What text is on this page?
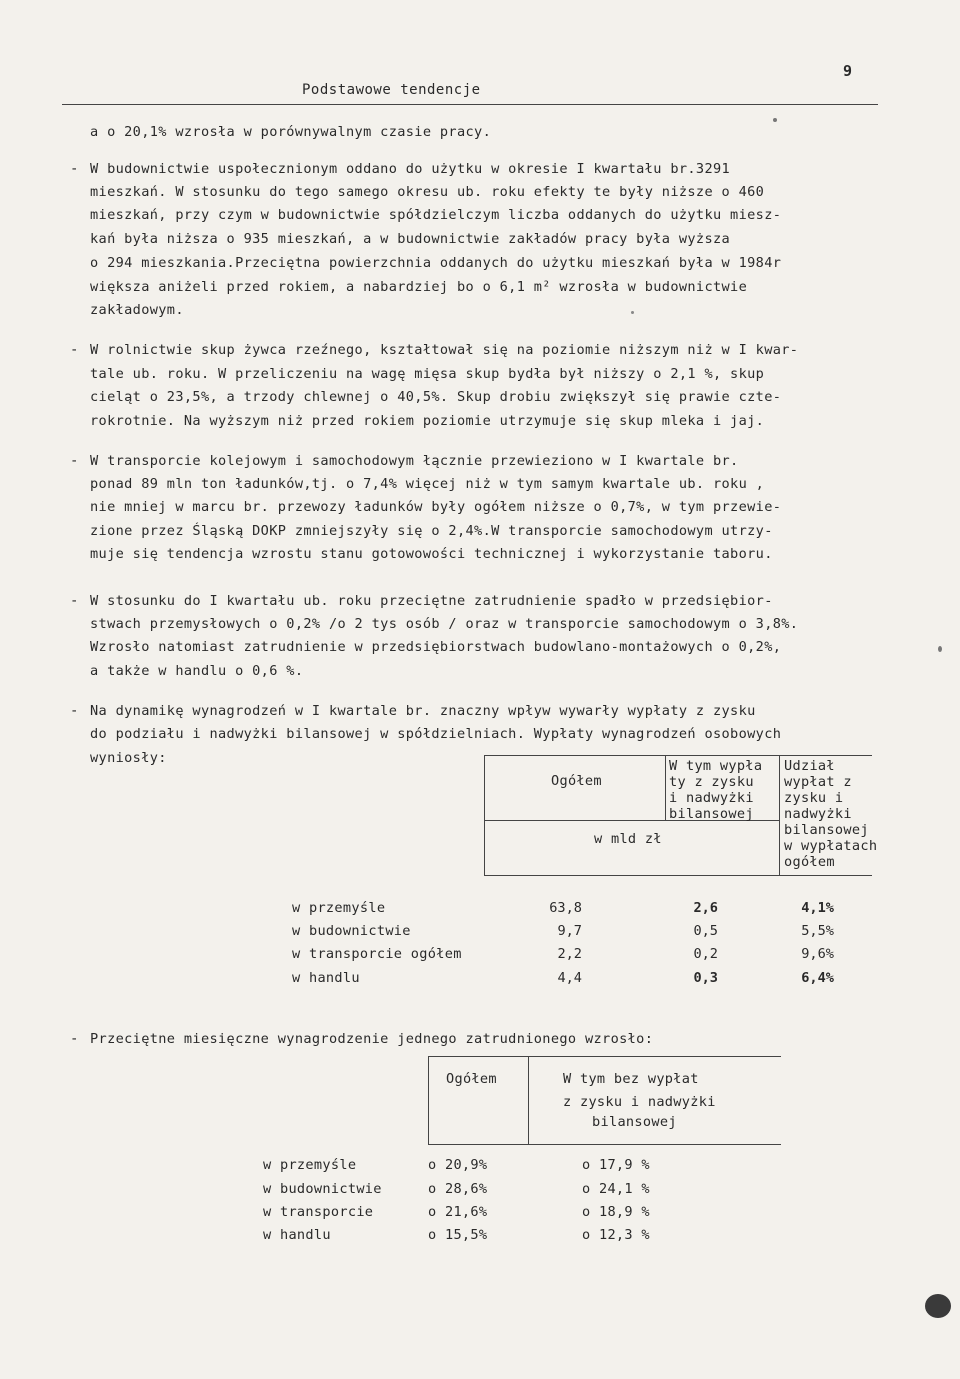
Podstawowe tendencje
9
a o 20,1% wzrosła w porównywalnym czasie pracy.
- W budownictwie uspołecznionym oddano do użytku w okresie I kwartału br.3291
mieszkań. W stosunku do tego samego okresu ub. roku efekty te były niższe o 460
mieszkań, przy czym w budownictwie spółdzielczym liczba oddanych do użytku miesz-
kań była niższa o 935 mieszkań, a w budownictwie zakładów pracy była wyższa
o 294 mieszkania.Przeciętna powierzchnia oddanych do użytku mieszkań była w 1984r
większa aniżeli przed rokiem, a nabardziej bo o 6,1 m² wzrosła w budownictwie
zakładowym.
- W rolnictwie skup żywca rzeźnego, kształtował się na poziomie niższym niż w I kwar-
tale ub. roku. W przeliczeniu na wagę mięsa skup bydła był niższy o 2,1 %, skup
cieląt o 23,5%, a trzody chlewnej o 40,5%. Skup drobiu zwiększył się prawie czte-
rokrotnie. Na wyższym niż przed rokiem poziomie utrzymuje się skup mleka i jaj.
- W transporcie kolejowym i samochodowym łącznie przewieziono w I kwartale br.
ponad 89 mln ton ładunków,tj. o 7,4% więcej niż w tym samym kwartale ub. roku ,
nie mniej w marcu br. przewozy ładunków były ogółem niższe o 0,7%, w tym przewie-
zione przez Śląską DOKP zmniejszyły się o 2,4%.W transporcie samochodowym utrzy-
muje się tendencja wzrostu stanu gotowowości technicznej i wykorzystanie taboru.
- W stosunku do I kwartału ub. roku przeciętne zatrudnienie spadło w przedsiębior-
stwach przemysłowych o 0,2% /o 2 tys osób / oraz w transporcie samochodowym o 3,8%.
Wzrosło natomiast zatrudnienie w przedsiębiorstwach budowlano-montażowych o 0,2%,
a także w handlu o 0,6 %.
- Na dynamikę wynagrodzeń w I kwartale br. znaczny wpływ wywarły wypłaty z zysku
do podziału i nadwyżki bilansowej w spółdzielniach. Wypłaty wynagrodzeń osobowych
wyniosły:
Ogółem
W tym wypła
ty z zysku
i nadwyżki
bilansowej
Udział
wypłat z
zysku i
nadwyżki
bilansowej
w wypłatach
ogółem
w mld zł
w przemyśle	63,8	2,6	4,1%
w budownictwie	9,7	0,5	5,5%
w transporcie ogółem	2,2	0,2	9,6%
w handlu	4,4	0,3	6,4%
- Przeciętne miesięczne wynagrodzenie jednego zatrudnionego wzrosło:
Ogółem	W tym bez wypłat
z zysku i nadwyżki
bilansowej
w przemyśle	o 20,9%	o 17,9 %
w budownictwie	o 28,6%	o 24,1 %
w transporcie	o 21,6%	o 18,9 %
w handlu	o 15,5%	o 12,3 %
